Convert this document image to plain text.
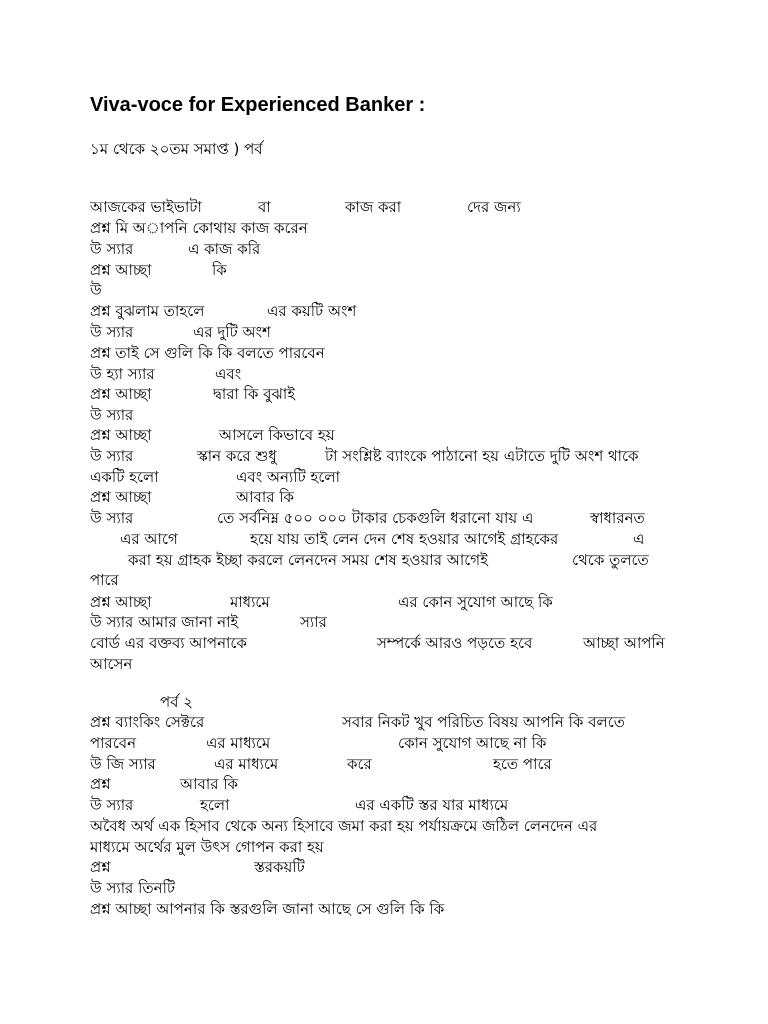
Viva-voce for Experienced Banker :
১ম থেকে ২০তম সমাপ্ত ) পর্ব
আজকের ভাইভাটা	বা	কাজ করা	দের জন্য
প্রশ্ন মি অাপনি কোথায় কাজ করেন
উ স্যার	এ কাজ করি
প্রশ্ন আচ্ছা	কি
উ
প্রশ্ন বুঝলাম তাহলে	এর কয়টি অংশ
উ স্যার	এর দুটি অংশ
প্রশ্ন তাই সে গুলি কি কি বলতে পারবেন
উ হ্যা স্যার	এবং
প্রশ্ন আচ্ছা	দ্বারা কি বুঝাই
উ স্যার
প্রশ্ন আচ্ছা	আসলে কিভাবে হয়
উ স্যার	স্কান করে শুধু	টা সংশ্লিষ্ট ব্যাংকে পাঠানো হয় এটাতে দুটি অংশ থাকে
একটি হলো	এবং অন্যটি হলো
প্রশ্ন আচ্ছা	আবার কি
উ স্যার	তে সর্বনিম্ন ৫০০ ০০০ টাকার চেকগুলি ধরানো যায় এ	স্বাধারনত
এর আগে	হয়ে যায় তাই লেন দেন শেষ হওয়ার আগেই গ্রাহকের	এ
করা হয় গ্রাহক ইচ্ছা করলে লেনদেন সময় শেষ হওয়ার আগেই	থেকে তুলতে
পারে
প্রশ্ন আচ্ছা	মাধ্যমে	এর কোন সুযোগ আছে কি
উ স্যার আমার জানা নাই	স্যার
বোর্ড এর বক্তব্য আপনাকে	সম্পর্কে আরও পড়তে হবে	আচ্ছা আপনি
আসেন
পর্ব ২
প্রশ্ন ব্যাংকিং সেক্টরে	সবার নিকট খুব পরিচিত বিষয় আপনি কি বলতে
পারবেন	এর মাধ্যমে	কোন সুযোগ আছে না কি
উ জি স্যার	এর মাধ্যমে	করে	হতে পারে
প্রশ্ন	আবার কি
উ স্যার	হলো	এর একটি স্তর যার মাধ্যমে
অবৈধ অর্থ এক হিসাব থেকে অন্য হিসাবে জমা করা হয় পর্যায়ক্রমে জঠিল লেনদেন এর
মাধ্যমে অর্থের মুল উৎস গোপন করা হয়
প্রশ্ন	স্তরকয়টি
উ স্যার তিনটি
প্রশ্ন আচ্ছা আপনার কি স্তরগুলি জানা আছে সে গুলি কি কি
